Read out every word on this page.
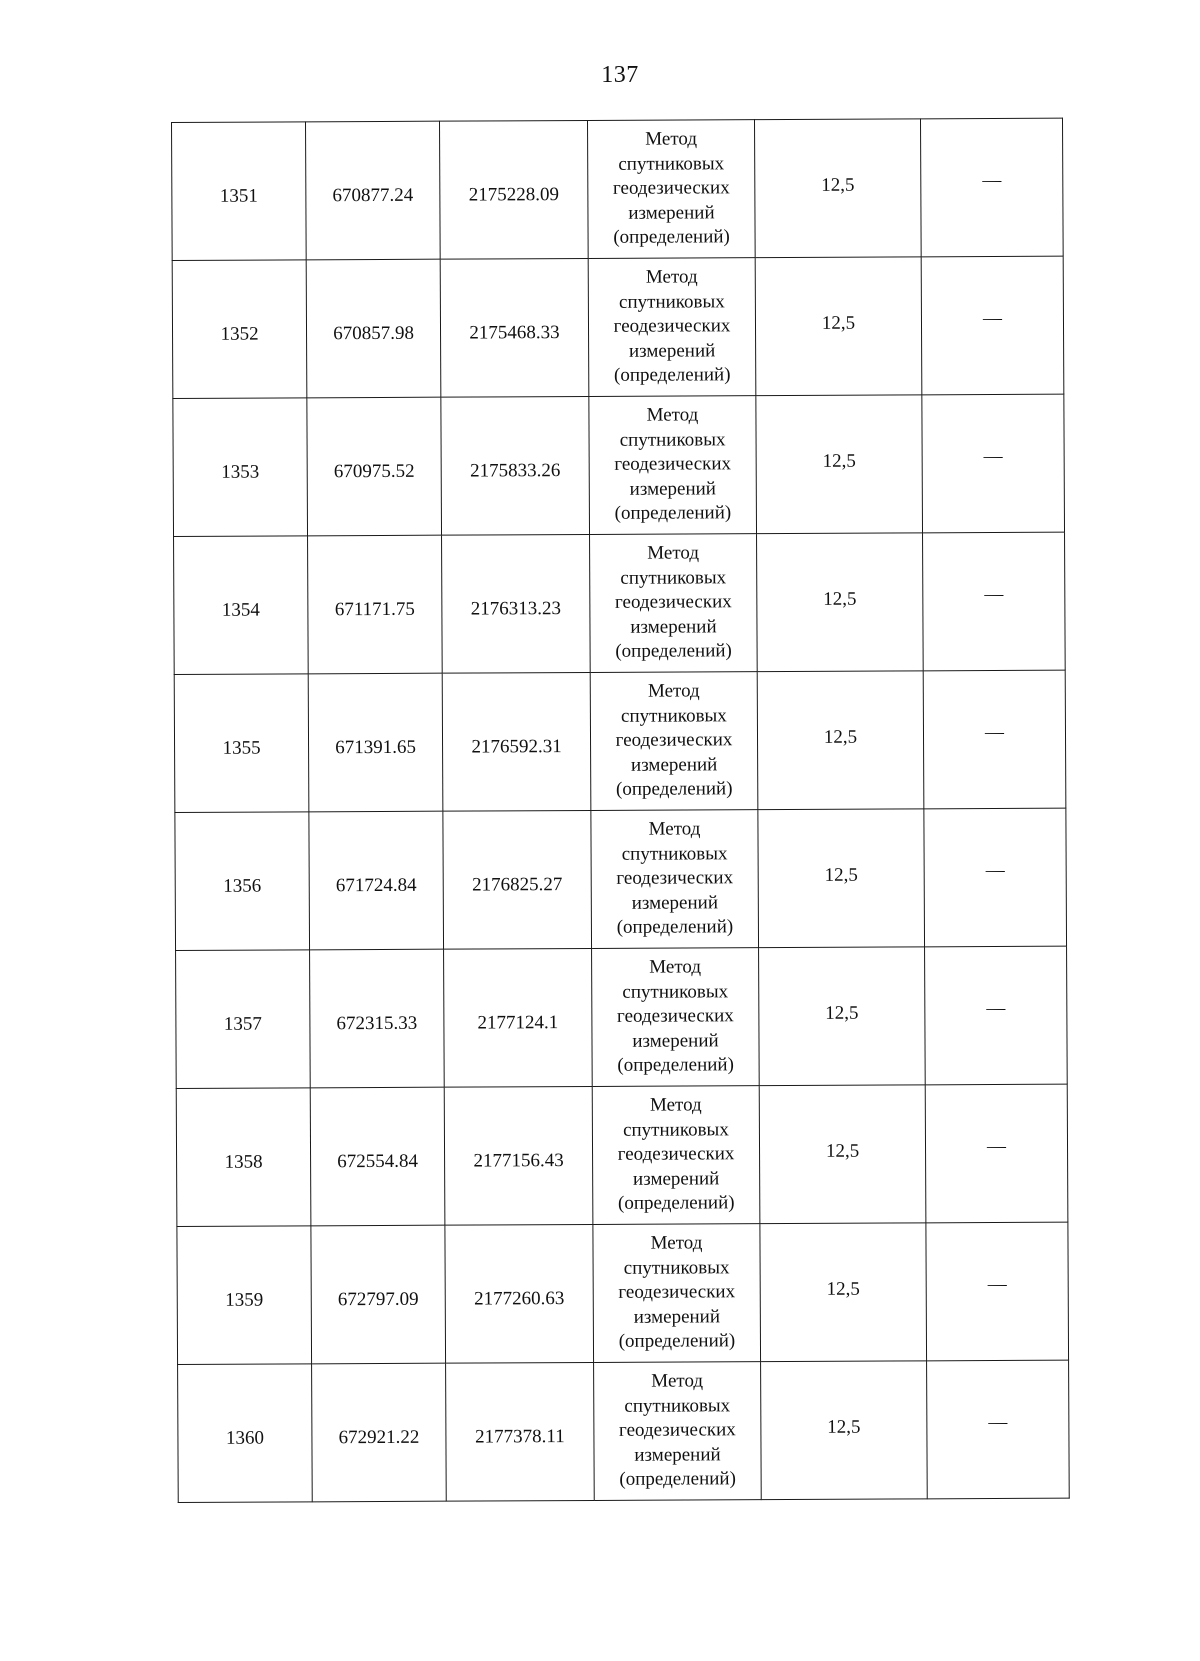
137
1351	670877.24	2175228.09	Метод спутниковых геодезических измерений (определений)	12,5	—
1352	670857.98	2175468.33	Метод спутниковых геодезических измерений (определений)	12,5	—
1353	670975.52	2175833.26	Метод спутниковых геодезических измерений (определений)	12,5	—
1354	671171.75	2176313.23	Метод спутниковых геодезических измерений (определений)	12,5	—
1355	671391.65	2176592.31	Метод спутниковых геодезических измерений (определений)	12,5	—
1356	671724.84	2176825.27	Метод спутниковых геодезических измерений (определений)	12,5	—
1357	672315.33	2177124.1	Метод спутниковых геодезических измерений (определений)	12,5	—
1358	672554.84	2177156.43	Метод спутниковых геодезических измерений (определений)	12,5	—
1359	672797.09	2177260.63	Метод спутниковых геодезических измерений (определений)	12,5	—
1360	672921.22	2177378.11	Метод спутниковых геодезических измерений (определений)	12,5	—
